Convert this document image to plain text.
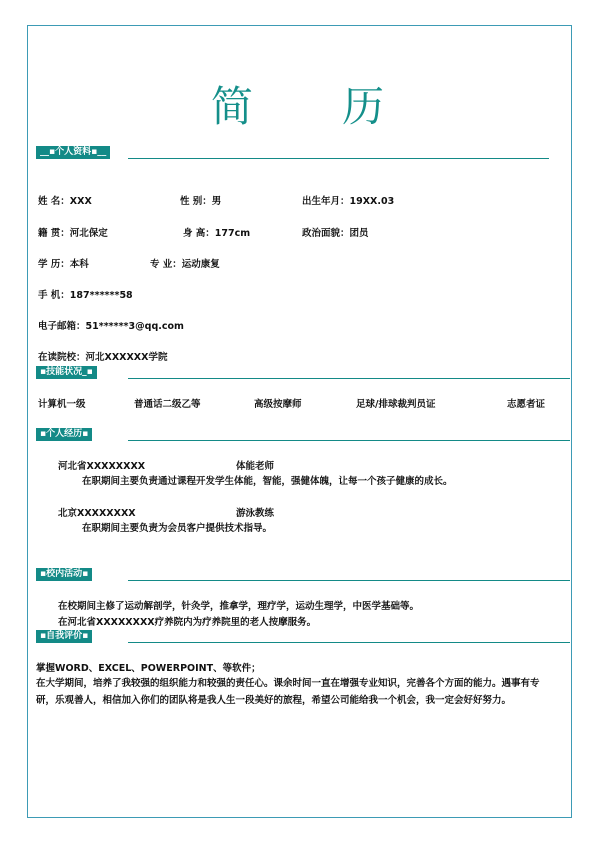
简 历
__▪个人资料▪__
姓 名：XXX	性 别：男	出生年月：19XX.03
籍 贯：河北保定	身 高：177cm	政治面貌：团员
学 历：本科	专 业：运动康复
手 机：187******58
电子邮箱：51******3@qq.com
在读院校：河北XXXXXX学院
▪技能状况_▪
计算机一级	普通话二级乙等	高级按摩师	足球/排球裁判员证	志愿者证
▪个人经历▪
河北省XXXXXXXX	体能老师
在职期间主要负责通过课程开发学生体能，智能，强健体魄，让每一个孩子健康的成长。
北京XXXXXXXX	游泳教练
在职期间主要负责为会员客户提供技术指导。
▪校内活动▪
在校期间主修了运动解剖学，针灸学，推拿学，理疗学，运动生理学，中医学基础等。
在河北省XXXXXXXX疗养院内为疗养院里的老人按摩服务。
▪自我评价▪
掌握WORD、EXCEL、POWERPOINT、等软件；
在大学期间，培养了我较强的组织能力和较强的责任心。课余时间一直在增强专业知识，完善各个方面的能力。遇事有专研，乐观善人，相信加入你们的团队将是我人生一段美好的旅程，希望公司能给我一个机会，我一定会好好努力。
